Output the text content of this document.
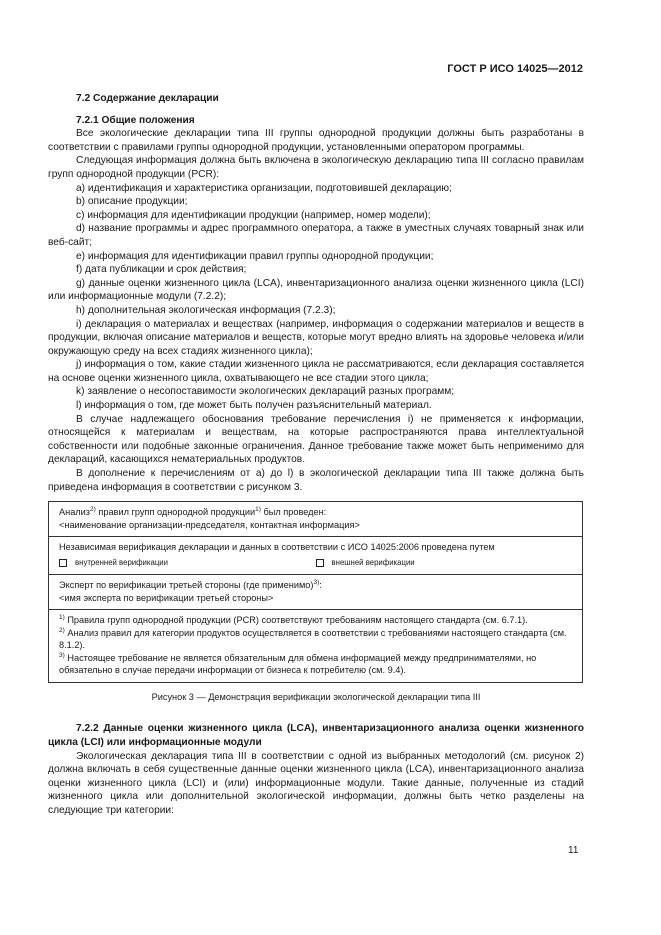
ГОСТ Р ИСО 14025—2012

7.2 Содержание декларации

7.2.1 Общие положения

Все экологические декларации типа III группы однородной продукции должны быть разработаны в соответствии с правилами группы однородной продукции, установленными оператором программы.

Следующая информация должна быть включена в экологическую декларацию типа III согласно правилам групп однородной продукции (PCR):

a) идентификация и характеристика организации, подготовившей декларацию;

b) описание продукции;

c) информация для идентификации продукции (например, номер модели);

d) название программы и адрес программного оператора, а также в уместных случаях товарный знак или веб-сайт;

e) информация для идентификации правил группы однородной продукции;

f) дата публикации и срок действия;

g) данные оценки жизненного цикла (LCA), инвентаризационного анализа оценки жизненного цикла (LCI) или информационные модули (7.2.2);

h) дополнительная экологическая информация (7.2.3);

i) декларация о материалах и веществах (например, информация о содержании материалов и веществ в продукции, включая описание материалов и веществ, которые могут вредно влиять на здоровье человека и/или окружающую среду на всех стадиях жизненного цикла);

j) информация о том, какие стадии жизненного цикла не рассматриваются, если декларация составляется на основе оценки жизненного цикла, охватывающего не все стадии этого цикла;

k) заявление о несопоставимости экологических деклараций разных программ;

l) информация о том, где может быть получен разъяснительный материал.

В случае надлежащего обоснования требование перечисления i) не применяется к информации, относящейся к материалам и веществам, на которые распространяются права интеллектуальной собственности или подобные законные ограничения. Данное требование также может быть неприменимо для деклараций, касающихся нематериальных продуктов.

В дополнение к перечислениям от a) до l) в экологической декларации типа III также должна быть приведена информация в соответствии с рисунком 3.

Анализ$^{2)}$ правил групп однородной продукции$^{1)}$ был проведен:

<наименование организации-председателя, контактная информация>

Независимая верификация декларации и данных в соответствии с ИСО 14025:2006 проведена путем

внутренней верификации	внешней верификации

Эксперт по верификации третьей стороны (где применимо)$^{3)}$:

<имя эксперта по верификации третьей стороны>

$^{1)}$ Правила групп однородной продукции (PCR) соответствуют требованиям настоящего стандарта (см. 6.7.1).

$^{2)}$ Анализ правил для категории продуктов осуществляется в соответствии с требованиями настоящего стандарта (см. 8.1.2).

$^{3)}$ Настоящее требование не является обязательным для обмена информацией между предпринимателями, но обязательно в случае передачи информации от бизнеса к потребителю (см. 9.4).

Рисунок 3 — Демонстрация верификации экологической декларации типа III

7.2.2 Данные оценки жизненного цикла (LCA), инвентаризационного анализа оценки жизненного цикла (LCI) или информационные модули

Экологическая декларация типа III в соответствии с одной из выбранных методологий (см. рисунок 2) должна включать в себя существенные данные оценки жизненного цикла (LCA), инвентаризационного анализа оценки жизненного цикла (LCI) и (или) информационные модули. Такие данные, полученные из стадий жизненного цикла или дополнительной экологической информации, должны быть четко разделены на следующие три категории:

11
